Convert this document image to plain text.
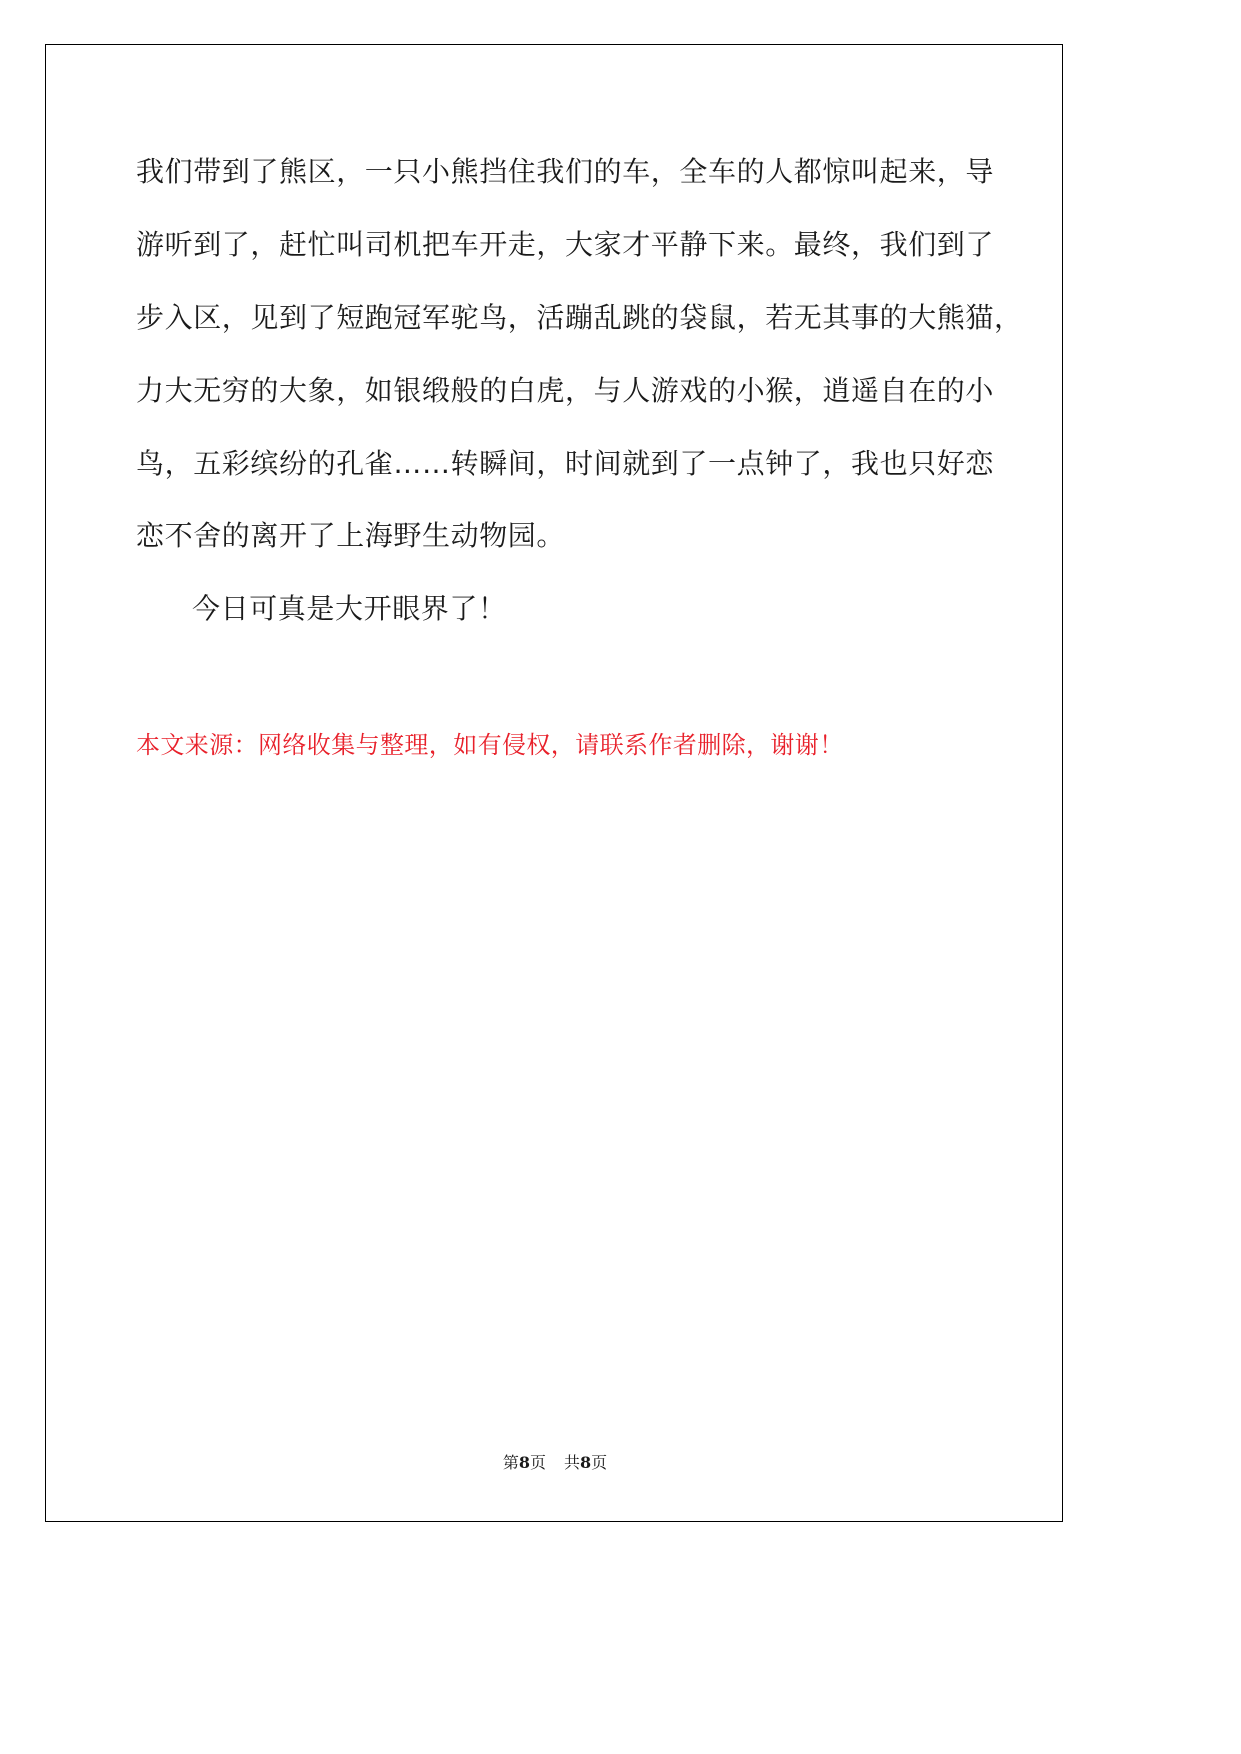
我们带到了熊区，一只小熊挡住我们的车，全车的人都惊叫起来，导
游听到了，赶忙叫司机把车开走，大家才平静下来。最终，我们到了
步入区，见到了短跑冠军驼鸟，活蹦乱跳的袋鼠，若无其事的大熊猫，
力大无穷的大象，如银缎般的白虎，与人游戏的小猴，逍遥自在的小
鸟，五彩缤纷的孔雀……转瞬间，时间就到了一点钟了，我也只好恋
恋不舍的离开了上海野生动物园。
今日可真是大开眼界了！
本文来源：网络收集与整理，如有侵权，请联系作者删除，谢谢！
第8页 共8页
